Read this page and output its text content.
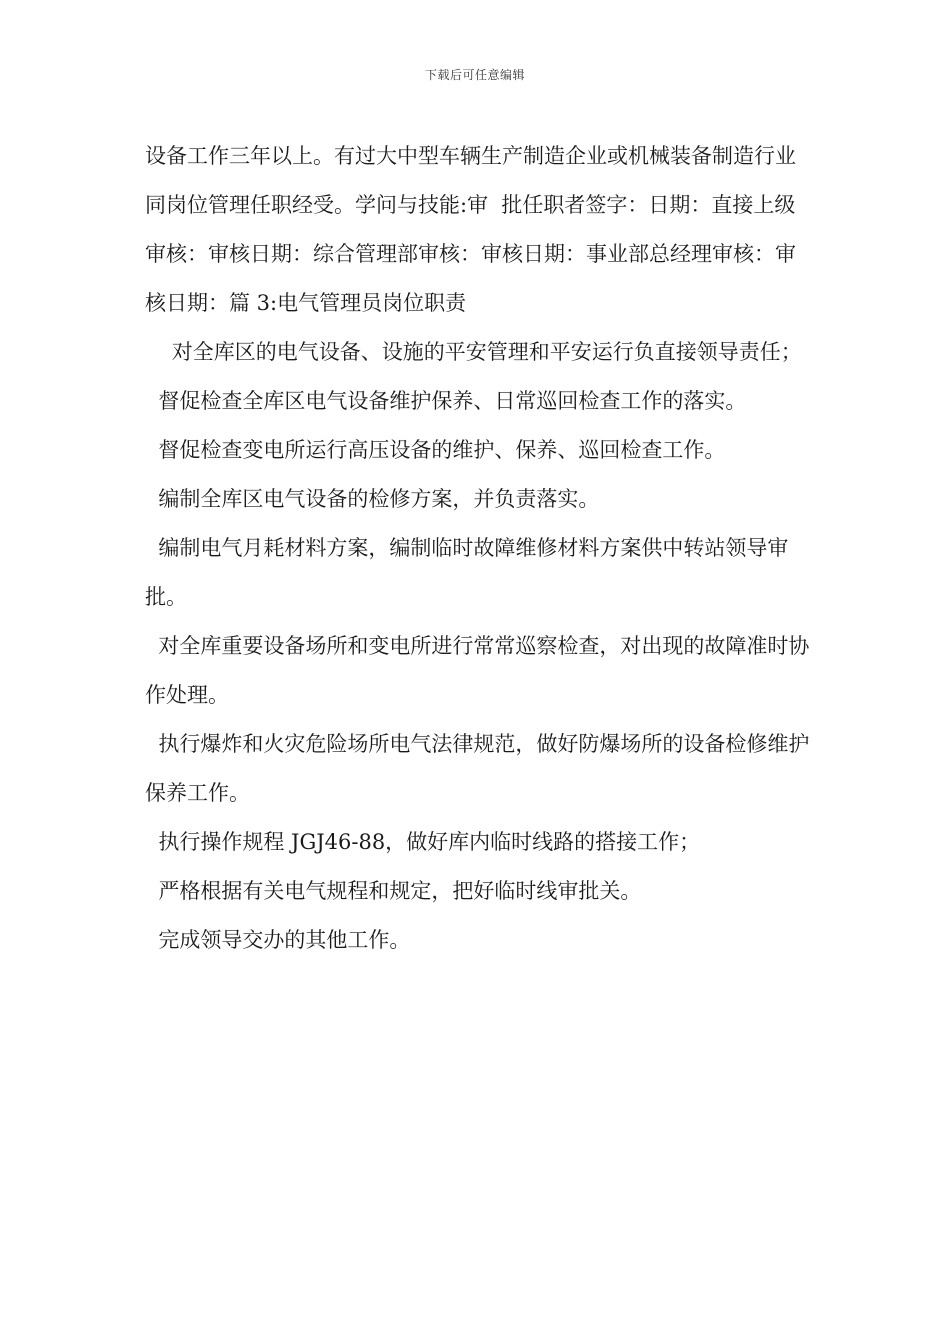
下载后可任意编辑

设备工作三年以上。有过大中型车辆生产制造企业或机械装备制造行业同岗位管理任职经受。学问与技能:审  批任职者签字：日期：直接上级审核：审核日期：综合管理部审核：审核日期：事业部总经理审核：审核日期：篇 3:电气管理员岗位职责

对全库区的电气设备、设施的平安管理和平安运行负直接领导责任；

督促检查全库区电气设备维护保养、日常巡回检查工作的落实。

督促检查变电所运行高压设备的维护、保养、巡回检查工作。

编制全库区电气设备的检修方案，并负责落实。

编制电气月耗材料方案，编制临时故障维修材料方案供中转站领导审批。

对全库重要设备场所和变电所进行常常巡察检查，对出现的故障准时协作处理。

执行爆炸和火灾危险场所电气法律规范，做好防爆场所的设备检修维护保养工作。

执行操作规程 JGJ46-88，做好库内临时线路的搭接工作；

严格根据有关电气规程和规定，把好临时线审批关。

完成领导交办的其他工作。
